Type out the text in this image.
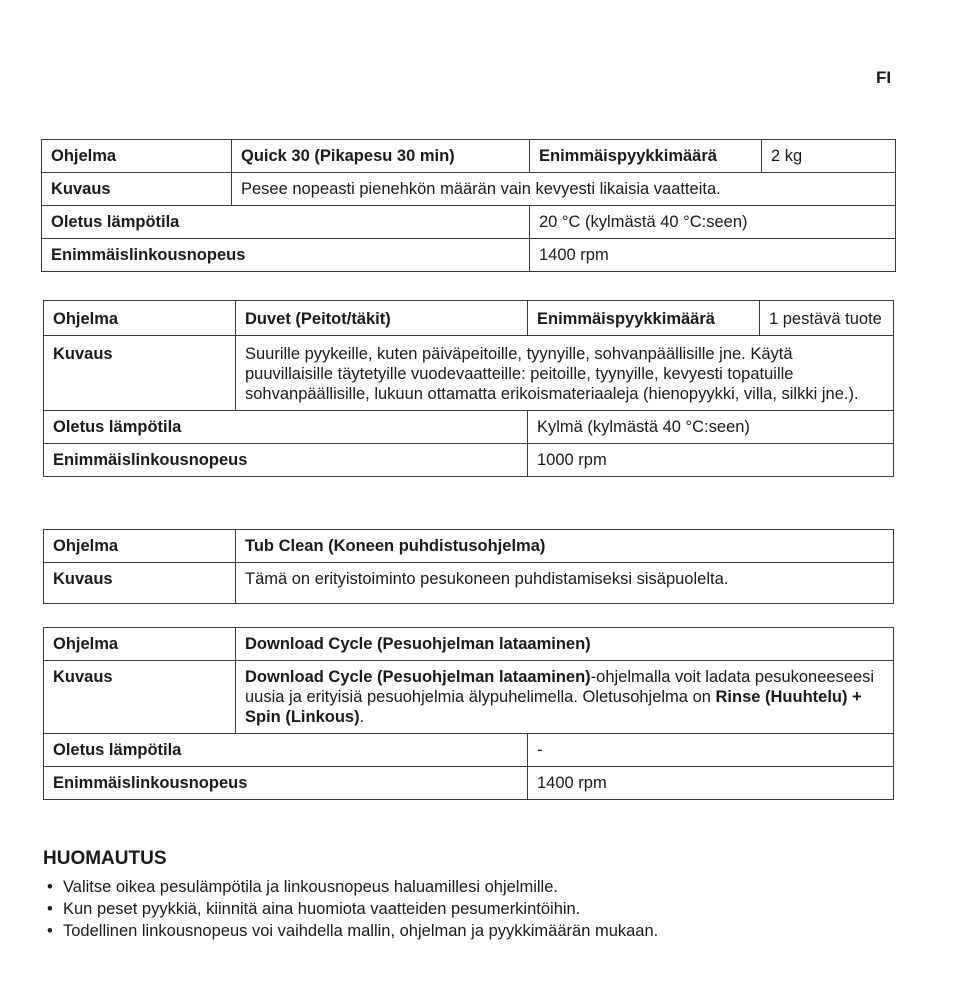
FI
Ohjelma	Quick 30 (Pikapesu 30 min)	Enimmäispyykkimäärä	2 kg
Kuvaus	Pesee nopeasti pienehkön määrän vain kevyesti likaisia vaatteita.		
Oletus lämpötila		20 °C (kylmästä 40 °C:seen)	
Enimmäislinkousnopeus		1400 rpm	
Ohjelma	Duvet (Peitot/täkit)	Enimmäispyykkimäärä	1 pestävä tuote
Kuvaus	Suurille pyykeille, kuten päiväpeitoille, tyynyille, sohvanpäällisille jne. Käytä puuvillaisille täytetyille vuodevaatteille: peitoille, tyynyille, kevyesti topatuille sohvanpäällisille, lukuun ottamatta erikoismateriaaleja (hienopyykki, villa, silkki jne.).		
Oletus lämpötila		Kylmä (kylmästä 40 °C:seen)	
Enimmäislinkousnopeus		1000 rpm	
Ohjelma	Tub Clean (Koneen puhdistusohjelma)
Kuvaus	Tämä on erityistoiminto pesukoneen puhdistamiseksi sisäpuolelta.
Ohjelma	Download Cycle (Pesuohjelman lataaminen)	
Kuvaus	Download Cycle (Pesuohjelman lataaminen)-ohjelmalla voit ladata pesukoneeseesi uusia ja erityisiä pesuohjelmia älypuhelimella. Oletusohjelma on Rinse (Huuhtelu) + Spin (Linkous).	
Oletus lämpötila		-
Enimmäislinkousnopeus		1400 rpm
HUOMAUTUS
• Valitse oikea pesulämpötila ja linkousnopeus haluamillesi ohjelmille.
• Kun peset pyykkiä, kiinnitä aina huomiota vaatteiden pesumerkintöihin.
• Todellinen linkousnopeus voi vaihdella mallin, ohjelman ja pyykkimäärän mukaan.
